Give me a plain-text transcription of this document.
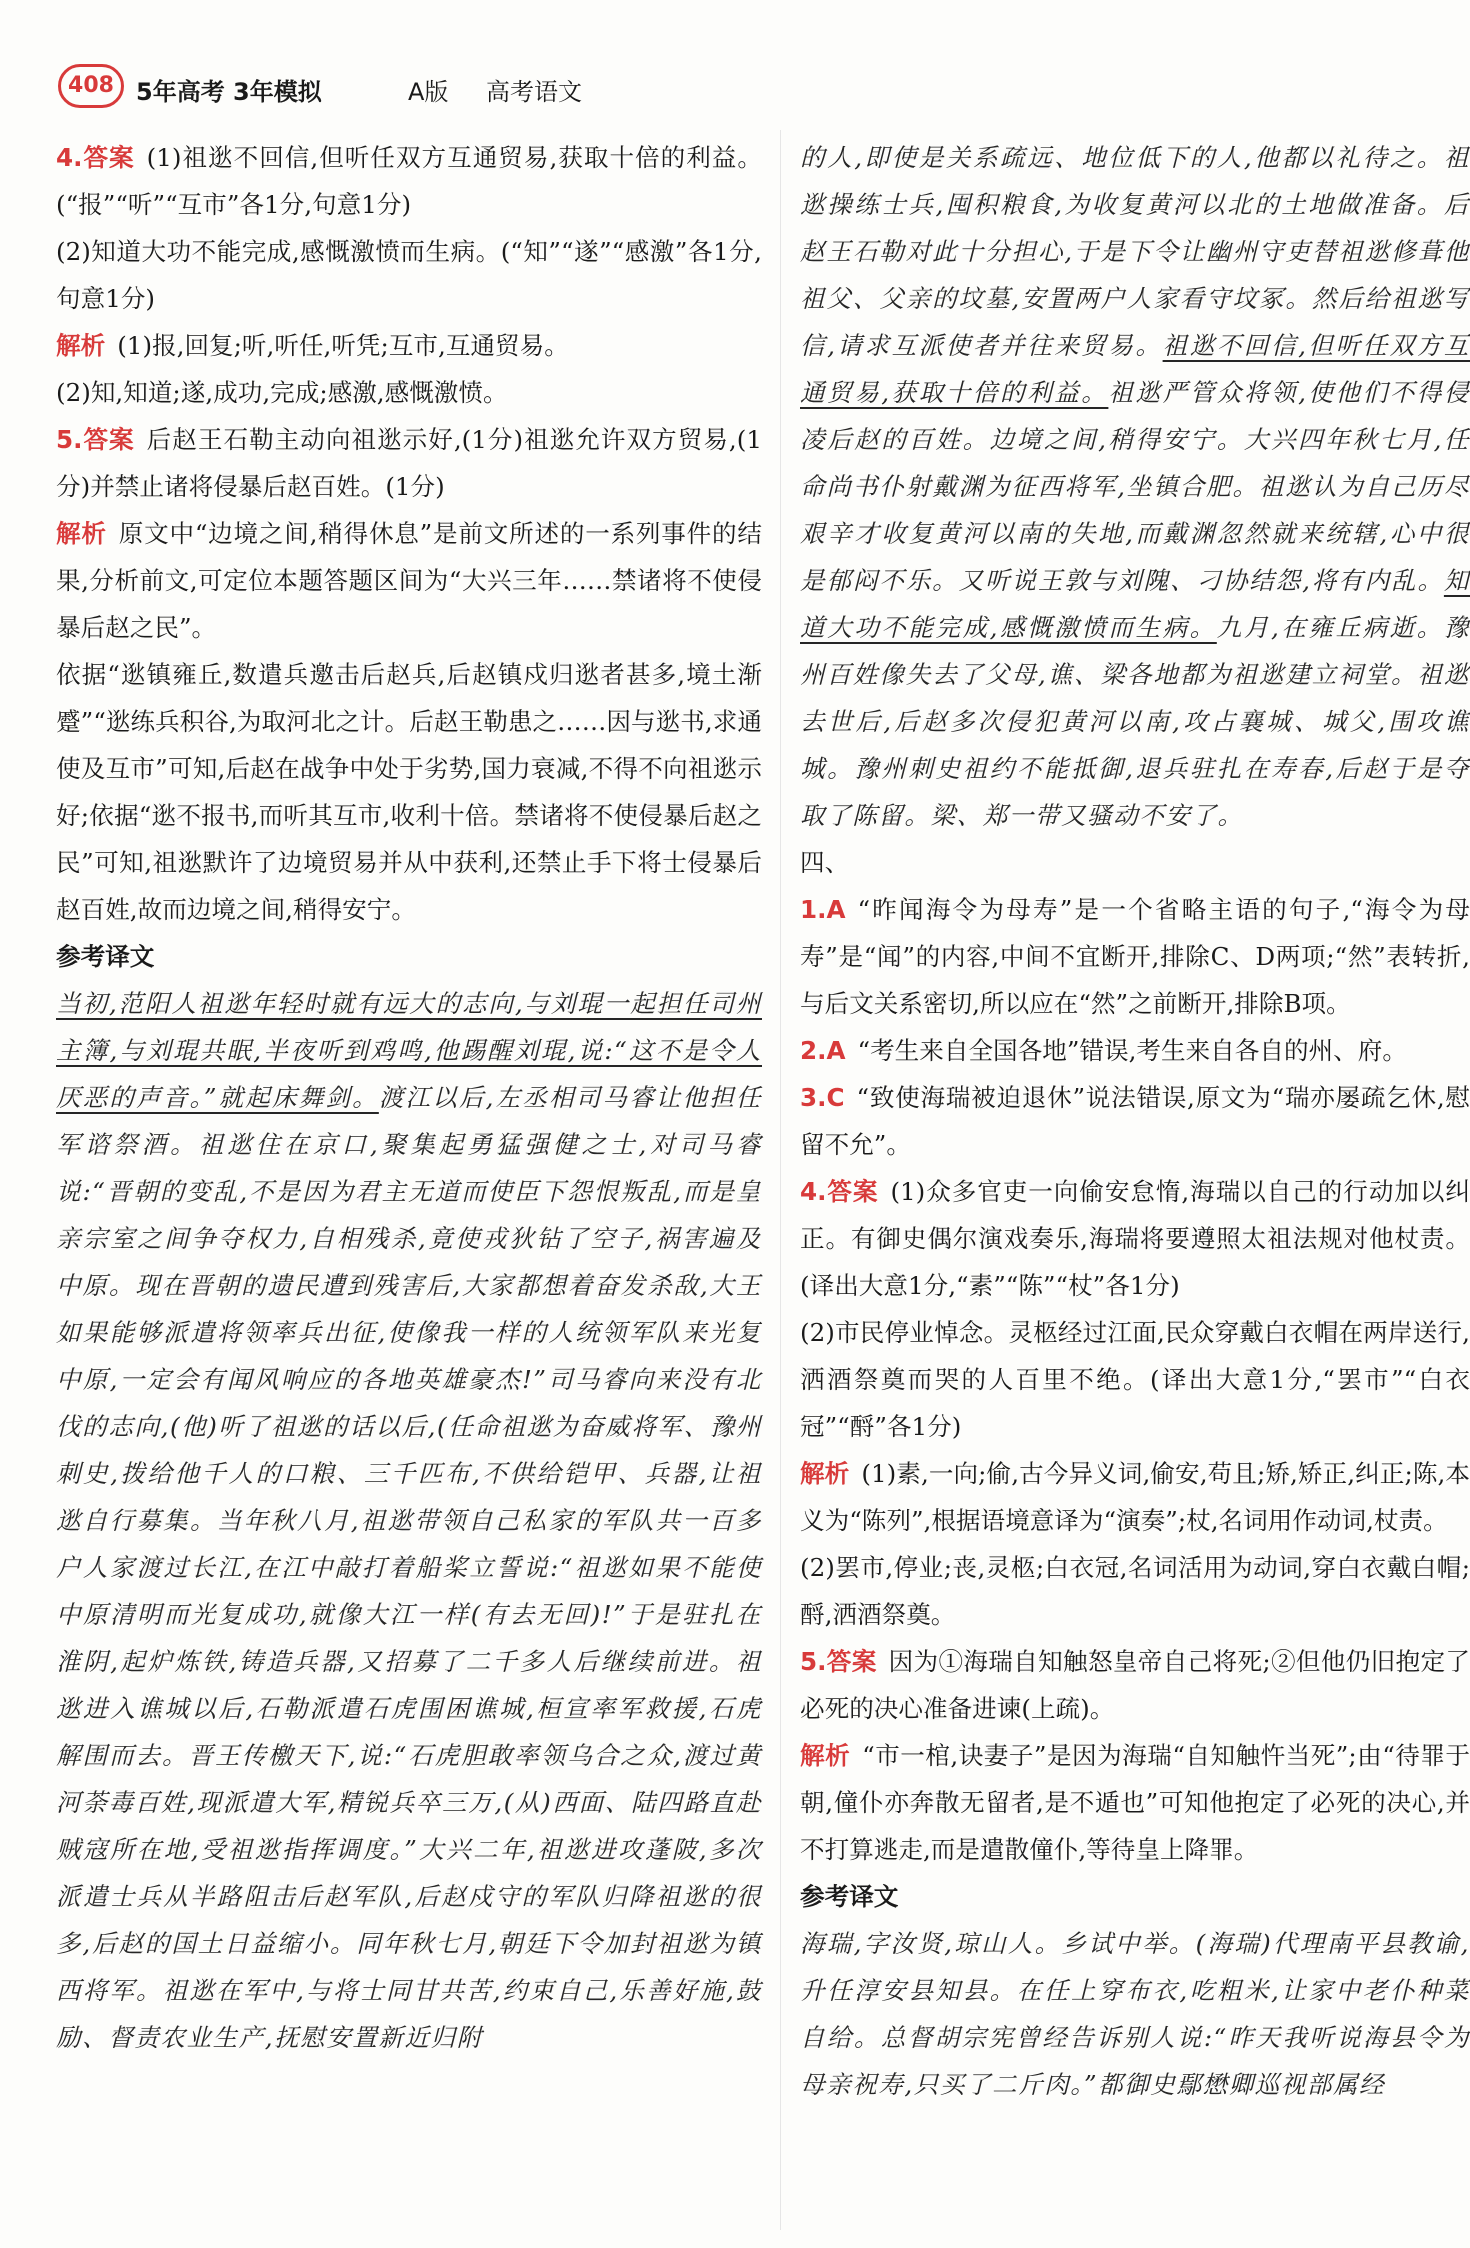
408 5年高考 3年模拟	A版 高考语文

4.答案 (1)祖逖不回信,但听任双方互通贸易,获取十倍的利益。(“报”“听”“互市”各1分,句意1分)

(2)知道大功不能完成,感慨激愤而生病。(“知”“遂”“感激”各1分,句意1分)

解析 (1)报,回复;听,听任,听凭;互市,互通贸易。

(2)知,知道;遂,成功,完成;感激,感慨激愤。

5.答案 后赵王石勒主动向祖逖示好,(1分)祖逖允许双方贸易,(1分)并禁止诸将侵暴后赵百姓。(1分)

解析 原文中“边境之间,稍得休息”是前文所述的一系列事件的结果,分析前文,可定位本题答题区间为“大兴三年……禁诸将不使侵暴后赵之民”。

依据“逖镇雍丘,数遣兵邀击后赵兵,后赵镇戍归逖者甚多,境土渐蹙”“逖练兵积谷,为取河北之计。后赵王勒患之……因与逖书,求通使及互市”可知,后赵在战争中处于劣势,国力衰减,不得不向祖逖示好;依据“逖不报书,而听其互市,收利十倍。禁诸将不使侵暴后赵之民”可知,祖逖默许了边境贸易并从中获利,还禁止手下将士侵暴后赵百姓,故而边境之间,稍得安宁。

参考译文

当初,范阳人祖逖年轻时就有远大的志向,与刘琨一起担任司州主簿,与刘琨共眠,半夜听到鸡鸣,他踢醒刘琨,说:“这不是令人厌恶的声音。”就起床舞剑。渡江以后,左丞相司马睿让他担任军谘祭酒。祖逖住在京口,聚集起勇猛强健之士,对司马睿说:“晋朝的变乱,不是因为君主无道而使臣下怨恨叛乱,而是皇亲宗室之间争夺权力,自相残杀,竟使戎狄钻了空子,祸害遍及中原。现在晋朝的遗民遭到残害后,大家都想着奋发杀敌,大王如果能够派遣将领率兵出征,使像我一样的人统领军队来光复中原,一定会有闻风响应的各地英雄豪杰!”司马睿向来没有北伐的志向,(他)听了祖逖的话以后,(任命祖逖为奋威将军、豫州刺史,拨给他千人的口粮、三千匹布,不供给铠甲、兵器,让祖逖自行募集。当年秋八月,祖逖带领自己私家的军队共一百多户人家渡过长江,在江中敲打着船桨立誓说:“祖逖如果不能使中原清明而光复成功,就像大江一样(有去无回)!”于是驻扎在淮阴,起炉炼铁,铸造兵器,又招募了二千多人后继续前进。祖逖进入谯城以后,石勒派遣石虎围困谯城,桓宣率军救援,石虎解围而去。晋王传檄天下,说:“石虎胆敢率领乌合之众,渡过黄河荼毒百姓,现派遣大军,精锐兵卒三万,(从)西面、陆四路直赴贼寇所在地,受祖逖指挥调度。”大兴二年,祖逖进攻蓬陂,多次派遣士兵从半路阻击后赵军队,后赵戍守的军队归降祖逖的很多,后赵的国土日益缩小。同年秋七月,朝廷下令加封祖逖为镇西将军。祖逖在军中,与将士同甘共苦,约束自己,乐善好施,鼓励、督责农业生产,抚慰安置新近归附

的人,即使是关系疏远、地位低下的人,他都以礼待之。祖逖操练士兵,囤积粮食,为收复黄河以北的土地做准备。后赵王石勒对此十分担心,于是下令让幽州守吏替祖逖修葺他祖父、父亲的坟墓,安置两户人家看守坟冢。然后给祖逖写信,请求互派使者并往来贸易。祖逖不回信,但听任双方互通贸易,获取十倍的利益。祖逖严管众将领,使他们不得侵凌后赵的百姓。边境之间,稍得安宁。大兴四年秋七月,任命尚书仆射戴渊为征西将军,坐镇合肥。祖逖认为自己历尽艰辛才收复黄河以南的失地,而戴渊忽然就来统辖,心中很是郁闷不乐。又听说王敦与刘隗、刁协结怨,将有内乱。知道大功不能完成,感慨激愤而生病。九月,在雍丘病逝。豫州百姓像失去了父母,谯、梁各地都为祖逖建立祠堂。祖逖去世后,后赵多次侵犯黄河以南,攻占襄城、城父,围攻谯城。豫州刺史祖约不能抵御,退兵驻扎在寿春,后赵于是夺取了陈留。梁、郑一带又骚动不安了。

四、

1.A “昨闻海令为母寿”是一个省略主语的句子,“海令为母寿”是“闻”的内容,中间不宜断开,排除C、D两项;“然”表转折,与后文关系密切,所以应在“然”之前断开,排除B项。

2.A “考生来自全国各地”错误,考生来自各自的州、府。

3.C “致使海瑞被迫退休”说法错误,原文为“瑞亦屡疏乞休,慰留不允”。

4.答案 (1)众多官吏一向偷安怠惰,海瑞以自己的行动加以纠正。有御史偶尔演戏奏乐,海瑞将要遵照太祖法规对他杖责。(译出大意1分,“素”“陈”“杖”各1分)

(2)市民停业悼念。灵柩经过江面,民众穿戴白衣帽在两岸送行,洒酒祭奠而哭的人百里不绝。(译出大意1分,“罢市”“白衣冠”“酹”各1分)

解析 (1)素,一向;偷,古今异义词,偷安,苟且;矫,矫正,纠正;陈,本义为“陈列”,根据语境意译为“演奏”;杖,名词用作动词,杖责。

(2)罢市,停业;丧,灵柩;白衣冠,名词活用为动词,穿白衣戴白帽;酹,洒酒祭奠。

5.答案 因为①海瑞自知触怒皇帝自己将死;②但他仍旧抱定了必死的决心准备进谏(上疏)。

解析 “市一棺,诀妻子”是因为海瑞“自知触忤当死”;由“待罪于朝,僮仆亦奔散无留者,是不遁也”可知他抱定了必死的决心,并不打算逃走,而是遣散僮仆,等待皇上降罪。

参考译文

海瑞,字汝贤,琼山人。乡试中举。(海瑞)代理南平县教谕,升任淳安县知县。在任上穿布衣,吃粗米,让家中老仆种菜自给。总督胡宗宪曾经告诉别人说:“昨天我听说海县令为母亲祝寿,只买了二斤肉。”都御史鄢懋卿巡视部属经
